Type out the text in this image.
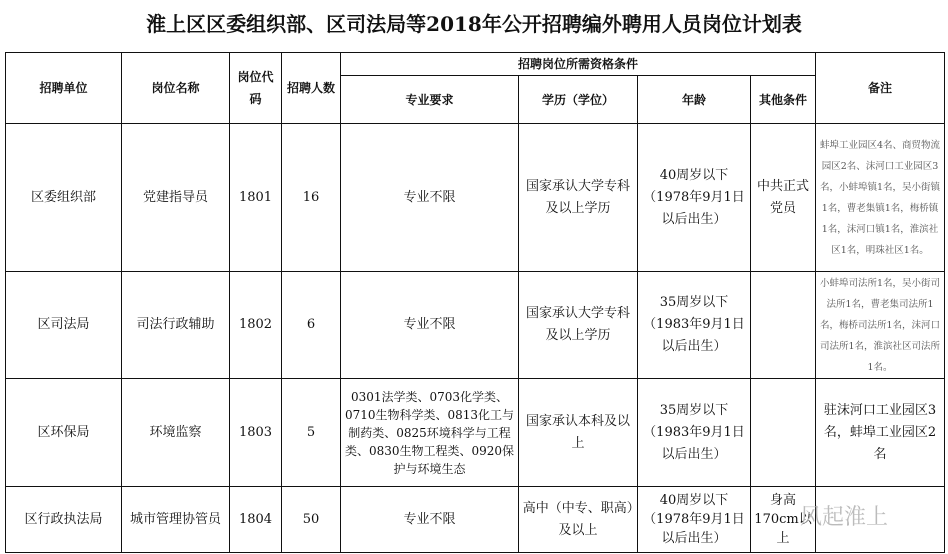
淮上区区委组织部、区司法局等2018年公开招聘编外聘用人员岗位计划表
招聘单位	岗位名称	岗位代码	招聘人数	招聘岗位所需资格条件				备注
				专业要求	学历（学位）	年龄	其他条件	
区委组织部	党建指导员	1801	16	专业不限	国家承认大学专科及以上学历	40周岁以下（1978年9月1日以后出生）	中共正式党员	蚌埠工业园区4名、商贸物流园区2名、沫河口工业园区3名，小蚌埠镇1名，吴小街镇1名，曹老集镇1名，梅桥镇1名，沫河口镇1名，淮滨社区1名，明珠社区1名。
区司法局	司法行政辅助	1802	6	专业不限	国家承认大学专科及以上学历	35周岁以下（1983年9月1日以后出生）		小蚌埠司法所1名，吴小街司法所1名，曹老集司法所1名，梅桥司法所1名，沫河口司法所1名，淮滨社区司法所1名。
区环保局	环境监察	1803	5	0301法学类、0703化学类、0710生物科学类、0813化工与制药类、0825环境科学与工程类、0830生物工程类、0920保护与环境生态	国家承认本科及以上	35周岁以下（1983年9月1日以后出生）		驻沫河口工业园区3名，蚌埠工业园区2名
区行政执法局	城市管理协管员	1804	50	专业不限	高中（中专、职高）及以上	40周岁以下（1978年9月1日以后出生）	身高170cm以上	
风起淮上
